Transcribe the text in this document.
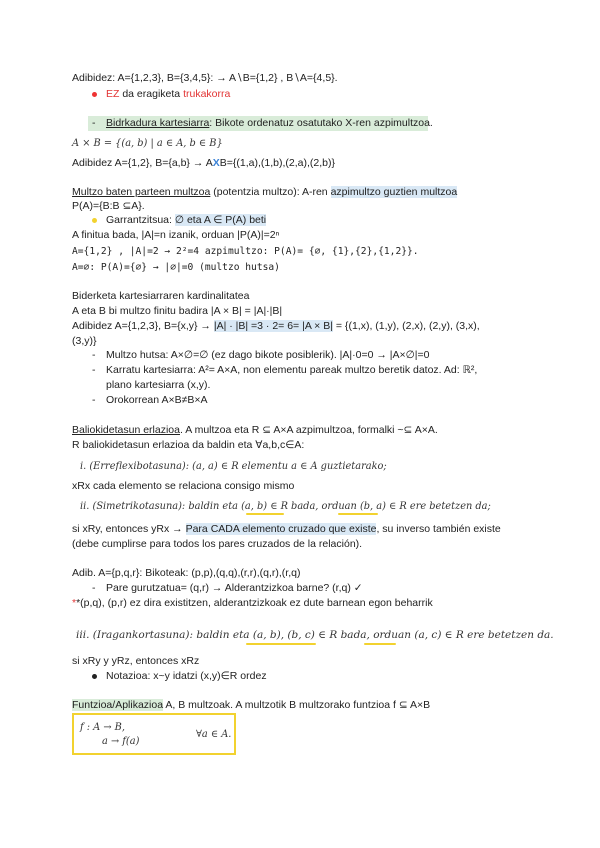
Adibidez: A={1,2,3}, B={3,4,5}: → A∖B={1,2} , B∖A={4,5}.
EZ da eragiketa trukakorra
- Bidrkadura kartesiarra: Bikote ordenatuz osatutako X-ren azpimultzoa.
A × B = {(a, b) | a ∈ A, b ∈ B}
Adibidez A={1,2}, B={a,b} → AXB={(1,a),(1,b),(2,a),(2,b)}
Multzo baten parteen multzoa (potentzia multzo): A-ren azpimultzo guztien multzoa
P(A)={B:B ⊆A}.
Garrantzitsua: ∅ eta A ∈ P(A) beti
A finitua bada, |A|=n izanik, orduan |P(A)|=2ⁿ
A={1,2} , |A|=2 → 2²=4 azpimultzo: P(A)= {∅, {1},{2},{1,2}}.
A=∅: P(A)={∅} → |∅|=0 (multzo hutsa)
Biderketa kartesiarraren kardinalitatea
A eta B bi multzo finitu badira |A × B| = |A|·|B|
Adibidez A={1,2,3}, B={x,y} → |A| · |B| =3 · 2= 6= |A × B| = {(1,x), (1,y), (2,x), (2,y), (3,x),
(3,y)}
- Multzo hutsa: A×∅=∅ (ez dago bikote posiblerik). |A|·0=0 → |A×∅|=0
- Karratu kartesiarra: A²= A×A, non elementu pareak multzo beretik datoz. Ad: ℝ²,
plano kartesiarra (x,y).
- Orokorrean A×B≠B×A
Baliokidetasun erlazioa. A multzoa eta R ⊆ A×A azpimultzoa, formalki ~⊆ A×A.
R baliokidetasun erlazioa da baldin eta ∀a,b,c∈A:
i. (Erreflexibotasuna): (a, a) ∈ R elementu a ∈ A guztietarako;
xRx cada elemento se relaciona consigo mismo
ii. (Simetrikotasuna): baldin eta (a, b) ∈ R bada, orduan (b, a) ∈ R ere betetzen da;
si xRy, entonces yRx → Para CADA elemento cruzado que existe, su inverso también existe
(debe cumplirse para todos los pares cruzados de la relación).
Adib. A={p,q,r}: Bikoteak: (p,p),(q,q),(r,r),(q,r),(r,q)
- Pare gurutzatua= (q,r) → Alderantzizkoa barne? (r,q) ✓
**(p,q), (p,r) ez dira existitzen, alderantzizkoak ez dute barnean egon beharrik
iii. (Iragankortasuna): baldin eta (a, b), (b, c) ∈ R bada, orduan (a, c) ∈ R ere betetzen da.
si xRy y yRz, entonces xRz
Notazioa: x~y idatzi (x,y)∈R ordez
Funtzioa/Aplikazioa A, B multzoak. A multzotik B multzorako funtzioa f ⊆ A×B
f : A → B,
a → f(a)
∀a ∈ A.
